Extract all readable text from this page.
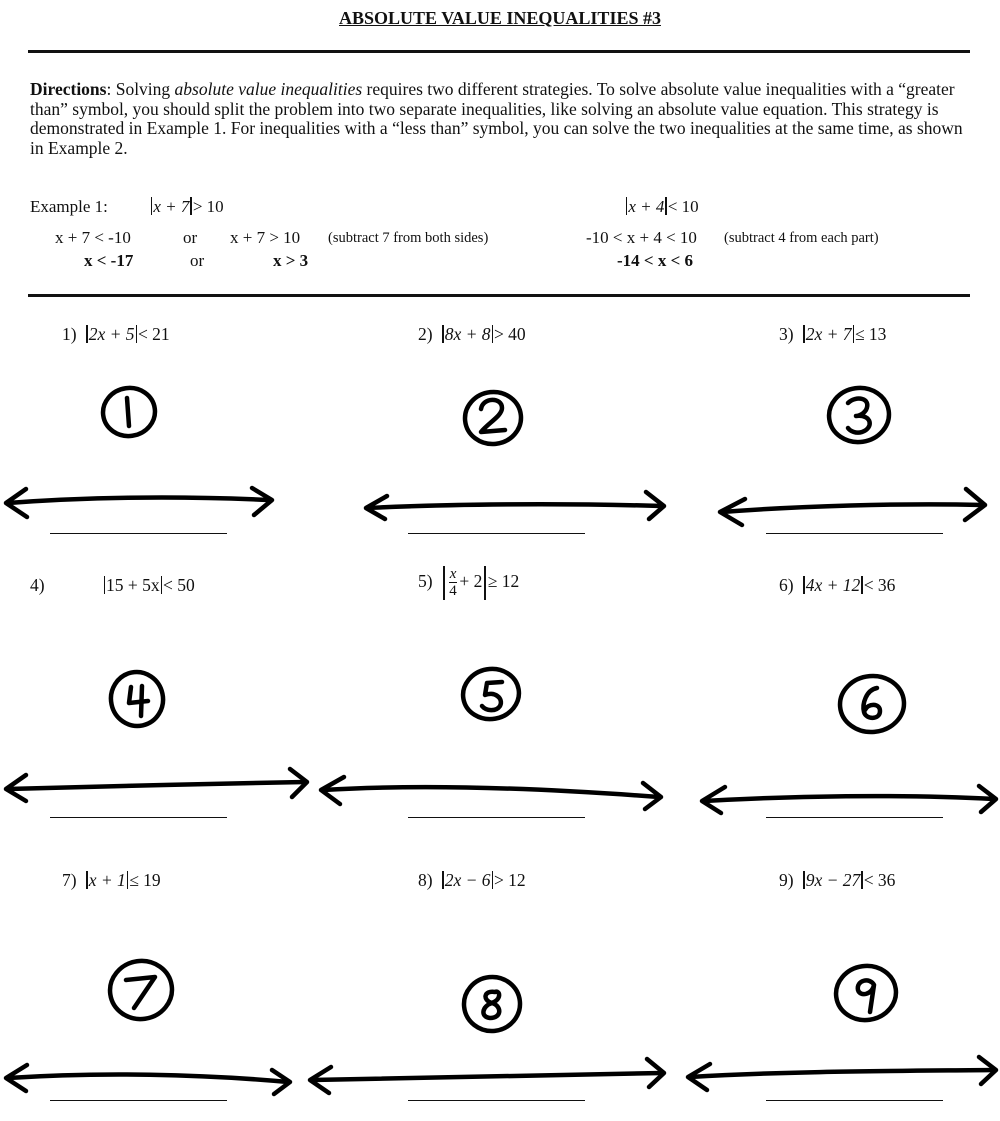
ABSOLUTE VALUE INEQUALITIES #3
Directions: Solving absolute value inequalities requires two different strategies. To solve absolute value inequalities with a “greater than” symbol, you should split the problem into two separate inequalities, like solving an absolute value equation. This strategy is demonstrated in Example 1. For inequalities with a “less than” symbol, you can solve the two inequalities at the same time, as shown in Example 2.
Example 1:	x + 7 > 10
x + 7 < -10	or x + 7 > 10 (subtract 7 from both sides)
x < -17	or	x > 3
x + 4 < 10
-10 < x + 4 < 10 (subtract 4 from each part)
-14 < x < 6
1) 2x + 5 < 21	2) 8x + 8 > 40	3) 2x + 7 ≤ 13
4)	15 + 5x < 50	$5) \frac{x}{4} + 2 \ge 12$	6) 4x + 12 < 36
7) x + 1 ≤ 19	8) 2x − 6 > 12	9) 9x − 27 < 36
